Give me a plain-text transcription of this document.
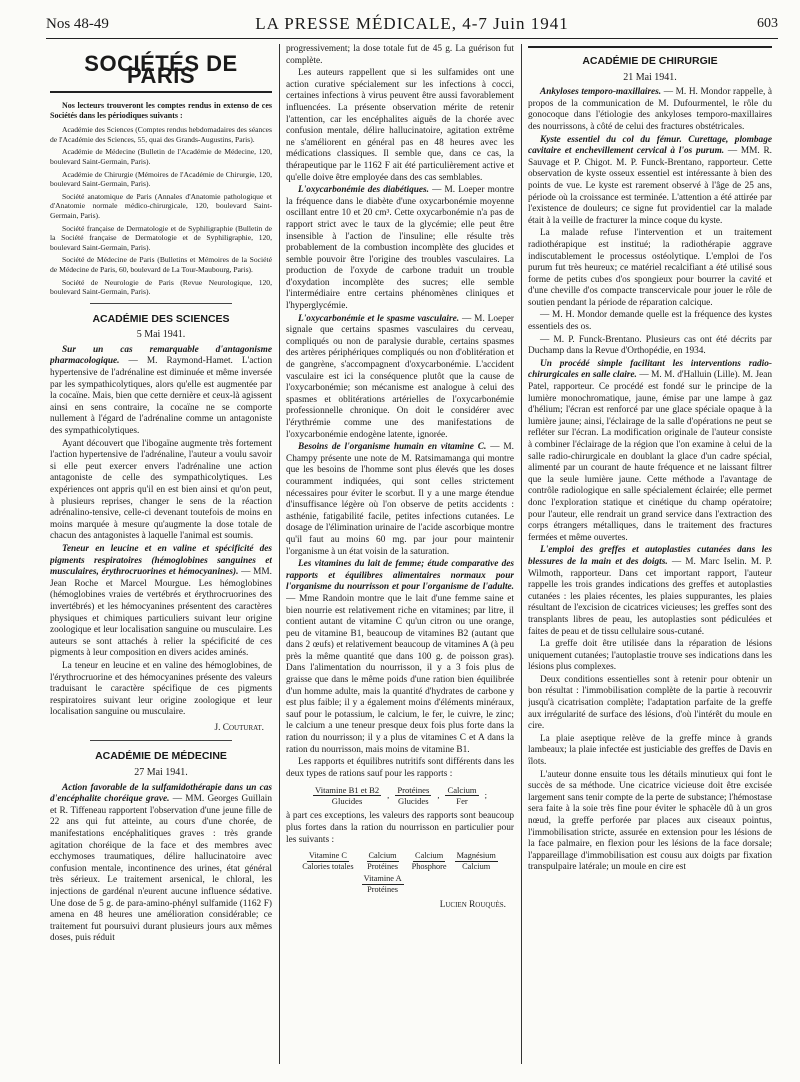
Nos 48-49	LA PRESSE MÉDICALE, 4-7 Juin 1941	603
SOCIÉTÉS DE PARIS

Nos lecteurs trouveront les comptes rendus in extenso de ces Sociétés dans les périodiques suivants :

Académie des Sciences (Comptes rendus hebdomadaires des séances de l'Académie des Sciences, 55, quai des Grands-Augustins, Paris).

Académie de Médecine (Bulletin de l'Académie de Médecine, 120, boulevard Saint-Germain, Paris).

Académie de Chirurgie (Mémoires de l'Académie de Chirurgie, 120, boulevard Saint-Germain, Paris).

Société anatomique de Paris (Annales d'Anatomie pathologique et d'Anatomie normale médico-chirurgicale, 120, boulevard Saint-Germain, Paris).

Société française de Dermatologie et de Syphiligraphie (Bulletin de la Société française de Dermatologie et de Syphiligraphie, 120, boulevard Saint-Germain, Paris).

Société de Médecine de Paris (Bulletins et Mémoires de la Société de Médecine de Paris, 60, boulevard de La Tour-Maubourg, Paris).

Société de Neurologie de Paris (Revue Neurologique, 120, boulevard Saint-Germain, Paris).

ACADÉMIE DES SCIENCES

5 Mai 1941.

Sur un cas remarquable d'antagonisme pharmacologique. — M. Raymond-Hamet. L'action hypertensive de l'adrénaline est diminuée et même inversée par les sympathicolytiques, alors qu'elle est augmentée par la cocaïne. Mais, bien que cette dernière et ceux-là agissent ainsi en sens contraire, la cocaïne ne se comporte nullement à l'égard de l'adrénaline comme un antagoniste des sympathicolytiques.

Ayant découvert que l'ibogaïne augmente très fortement l'action hypertensive de l'adrénaline, l'auteur a voulu savoir si elle peut exercer envers l'adrénaline une action antagoniste de celle des sympathicolytiques. Les expériences ont appris qu'il en est bien ainsi et qu'on peut, à plusieurs reprises, changer le sens de la réaction adrénalino-tensive, celle-ci devenant toutefois de moins en moins marquée à mesure qu'augmente la dose totale de chacun des antagonistes à laquelle l'animal est soumis.

Teneur en leucine et en valine et spécificité des pigments respiratoires (hémoglobines sanguines et musculaires, érythrocruorines et hémocyanines). — MM. Jean Roche et Marcel Mourgue. Les hémoglobines (hémoglobines vraies de vertébrés et érythrocruorines des invertébrés) et les hémocyanines présentent des caractères physiques et chimiques particuliers suivant leur origine zoologique et leur localisation sanguine ou musculaire. Les auteurs se sont attachés à relier la spécificité de ces pigments à leur composition en divers acides aminés.

La teneur en leucine et en valine des hémoglobines, de l'érythrocruorine et des hémocyanines présente des valeurs traduisant le caractère spécifique de ces pigments respiratoires suivant leur origine zoologique et leur localisation sanguine ou musculaire.

J. Couturat.

ACADÉMIE DE MÉDECINE

27 Mai 1941.

Action favorable de la sulfamidothérapie dans un cas d'encéphalite choréique grave. — MM. Georges Guillain et R. Tiffeneau rapportent l'observation d'une jeune fille de 22 ans qui fut atteinte, au cours d'une chorée, de manifestations encéphalitiques graves : très grande agitation choréique de la face et des membres avec ecchymoses traumatiques, délire hallucinatoire avec confusion mentale, incontinence des urines, état général très sérieux. Le traitement arsenical, le chloral, les injections de gardénal n'eurent aucune influence sédative. Une dose de 5 g. de para-amino-phényl sulfamide (1162 F) amena en 48 heures une amélioration considérable; ce traitement fut poursuivi durant plusieurs jours aux mêmes doses, puis réduit

progressivement; la dose totale fut de 45 g. La guérison fut complète.

Les auteurs rappellent que si les sulfamides ont une action curative spécialement sur les infections à cocci, certaines infections à virus peuvent être aussi favorablement influencées. La présente observation mérite de retenir l'attention, car les encéphalites aiguës de la chorée avec confusion mentale, délire hallucinatoire, agitation extrême ne s'améliorent en général pas en 48 heures avec les médications classiques. Il semble que, dans ce cas, la thérapeutique par le 1162 F ait été particulièrement active et qu'elle doive être employée dans des cas semblables.

L'oxycarbonémie des diabétiques. — M. Loeper montre la fréquence dans le diabète d'une oxycarbonémie moyenne oscillant entre 10 et 20 cm³. Cette oxycarbonémie n'a pas de rapport strict avec le taux de la glycémie; elle peut être insensible à l'action de l'insuline; elle résulte très probablement de la combustion incomplète des glucides et semble pouvoir être l'origine des troubles vasculaires. La production de l'oxyde de carbone traduit un trouble d'oxydation incomplète des sucres; elle semble l'intermédiaire entre certains phénomènes cliniques et l'hyperglycémie.

L'oxycarbonémie et le spasme vasculaire. — M. Loeper signale que certains spasmes vasculaires du cerveau, compliqués ou non de paralysie durable, certains spasmes des artères périphériques compliqués ou non d'oblitération et de gangrène, s'accompagnent d'oxycarbonémie. L'accident vasculaire est ici la conséquence plutôt que la cause de l'oxycarbonémie; son mécanisme est analogue à celui des spasmes et oblitérations artérielles de l'oxycarbonémie professionnelle chronique. On doit le considérer avec l'érythrémie comme une des manifestations de l'oxycarbonémie endogène latente, ignorée.

Besoins de l'organisme humain en vitamine C. — M. Champy présente une note de M. Ratsimamanga qui montre que les besoins de l'homme sont plus élevés que les doses couramment indiquées, qui sont celles strictement nécessaires pour éviter le scorbut. Il y a une marge étendue d'insuffisance légère où l'on observe de petits accidents : asthénie, fatigabilité facile, petites infections cutanées. Le dosage de l'élimination urinaire de l'acide ascorbique montre qu'il faut au moins 60 mg. par jour pour maintenir l'organisme à un état voisin de la saturation.

Les vitamines du lait de femme; étude comparative des rapports et équilibres alimentaires normaux pour l'organisme du nourrisson et pour l'organisme de l'adulte. — Mme Randoin montre que le lait d'une femme saine et bien nourrie est relativement riche en vitamines; par litre, il contient autant de vitamine C qu'un citron ou une orange, peu de vitamine B1, beaucoup de vitamines B2 (autant que dans 2 œufs) et relativement beaucoup de vitamines A (à peu près la même quantité que dans 100 g. de poisson gras). Dans l'alimentation du nourrisson, il y a 3 fois plus de graisse que dans le même poids d'une ration bien équilibrée d'un homme adulte, mais la quantité d'hydrates de carbone y est plus faible; il y a également moins d'éléments minéraux, sauf pour le potassium, le calcium, le fer, le cuivre, le zinc; le calcium a une teneur presque deux fois plus forte dans la ration du nourrisson; il y a plus de vitamines C et A dans la ration du nourrisson, mais moins de vitamine B1.

Les rapports et équilibres nutritifs sont différents dans les deux types de rations sauf pour les rapports :

Vitamine B1 et B2
Glucides
, Protéines
Glucides
, Calcium
Fer
;

à part ces exceptions, les valeurs des rapports sont beaucoup plus fortes dans la ration du nourrisson en particulier pour les suivants :

Vitamine C
Calories totales
Calcium
Protéines
Calcium
Phosphore
Magnésium
Calcium
Vitamine A
Protéines

Lucien Rouquès.

ACADÉMIE DE CHIRURGIE

21 Mai 1941.

Ankyloses temporo-maxillaires. — M. H. Mondor rappelle, à propos de la communication de M. Dufourmentel, le rôle du gonocoque dans l'étiologie des ankyloses temporo-maxillaires des nourrissons, à côté de celui des fractures obstétricales.

Kyste essentiel du col du fémur. Curettage, plombage cavitaire et enchevillement cervical à l'os purum. — MM. R. Sauvage et P. Chigot. M. P. Funck-Brentano, rapporteur. Cette observation de kyste osseux essentiel est intéressante à bien des points de vue. Le kyste est rarement observé à l'âge de 25 ans, période où la croissance est terminée. L'attention a été attirée par l'existence de douleurs; ce signe fut providentiel car la malade était à la veille de fracturer la mince coque du kyste.

La malade refuse l'intervention et un traitement radiothérapique est institué; la radiothérapie aggrave indiscutablement le processus ostéolytique. L'emploi de l'os purum fut très heureux; ce matériel recalcifiant a été utilisé sous forme de petits cubes d'os spongieux pour bourrer la cavité et d'une cheville d'os compacte transcervicale pour jouer le rôle de soutien pendant la période de réparation calcique.

— M. H. Mondor demande quelle est la fréquence des kystes essentiels des os.

— M. P. Funck-Brentano. Plusieurs cas ont été décrits par Duchamp dans la Revue d'Orthopédie, en 1934.

Un procédé simple facilitant les interventions radio-chirurgicales en salle claire. — M. M. d'Halluin (Lille). M. Jean Patel, rapporteur. Ce procédé est fondé sur le principe de la lumière monochromatique, jaune, émise par une lampe à gaz d'hélium; l'écran est renforcé par une glace spéciale opaque à la lumière jaune; ainsi, l'éclairage de la salle d'opérations ne peut se refléter sur l'écran. La modification originale de l'auteur consiste à combiner l'éclairage de la région que l'on examine à celui de la salle radio-chirurgicale en doublant la glace d'un cadre spécial, alimenté par un courant de haute fréquence et ne laissant filtrer que la seule lumière jaune. Cette méthode a l'avantage de contrôle radiologique en salle spécialement éclairée; elle permet donc l'exploration statique et cinétique du champ opératoire; pour l'auteur, elle rendrait un grand service dans l'extraction des corps étrangers métalliques, dans le traitement des fractures fermées et même ouvertes.

L'emploi des greffes et autoplasties cutanées dans les blessures de la main et des doigts. — M. Marc Iselin. M. P. Wilmoth, rapporteur. Dans cet important rapport, l'auteur rappelle les trois grandes indications des greffes et autoplasties cutanées : les plaies récentes, les plaies suppurantes, les plaies résultant de l'excision de cicatrices vicieuses; les greffes sont des transplants libres de peau, les autoplasties sont pédiculées et faites de peau et de tissu cellulaire sous-cutané.

La greffe doit être utilisée dans la réparation de lésions uniquement cutanées; l'autoplastie trouve ses indications dans les lésions plus complexes.

Deux conditions essentielles sont à retenir pour obtenir un bon résultat : l'immobilisation complète de la partie à recouvrir jusqu'à cicatrisation complète; l'adaptation parfaite de la greffe aux irrégularité de surface des lésions, d'où l'intérêt du moule en cire.

La plaie aseptique relève de la greffe mince à grands lambeaux; la plaie infectée est justiciable des greffes de Davis en îlots.

L'auteur donne ensuite tous les détails minutieux qui font le succès de sa méthode. Une cicatrice vicieuse doit être excisée largement sans tenir compte de la perte de substance; l'hémostase sera faite à la soie très fine pour éviter le sphacèle dû à un gros nœud, la greffe perforée par places aux ciseaux pointus, l'immobilisation stricte, assurée en extension pour les lésions de la face palmaire, en flexion pour les lésions de la face dorsale; l'appareillage d'immobilisation est cousu aux doigts par fixation transpulpaire latérale; un moule en cire est
